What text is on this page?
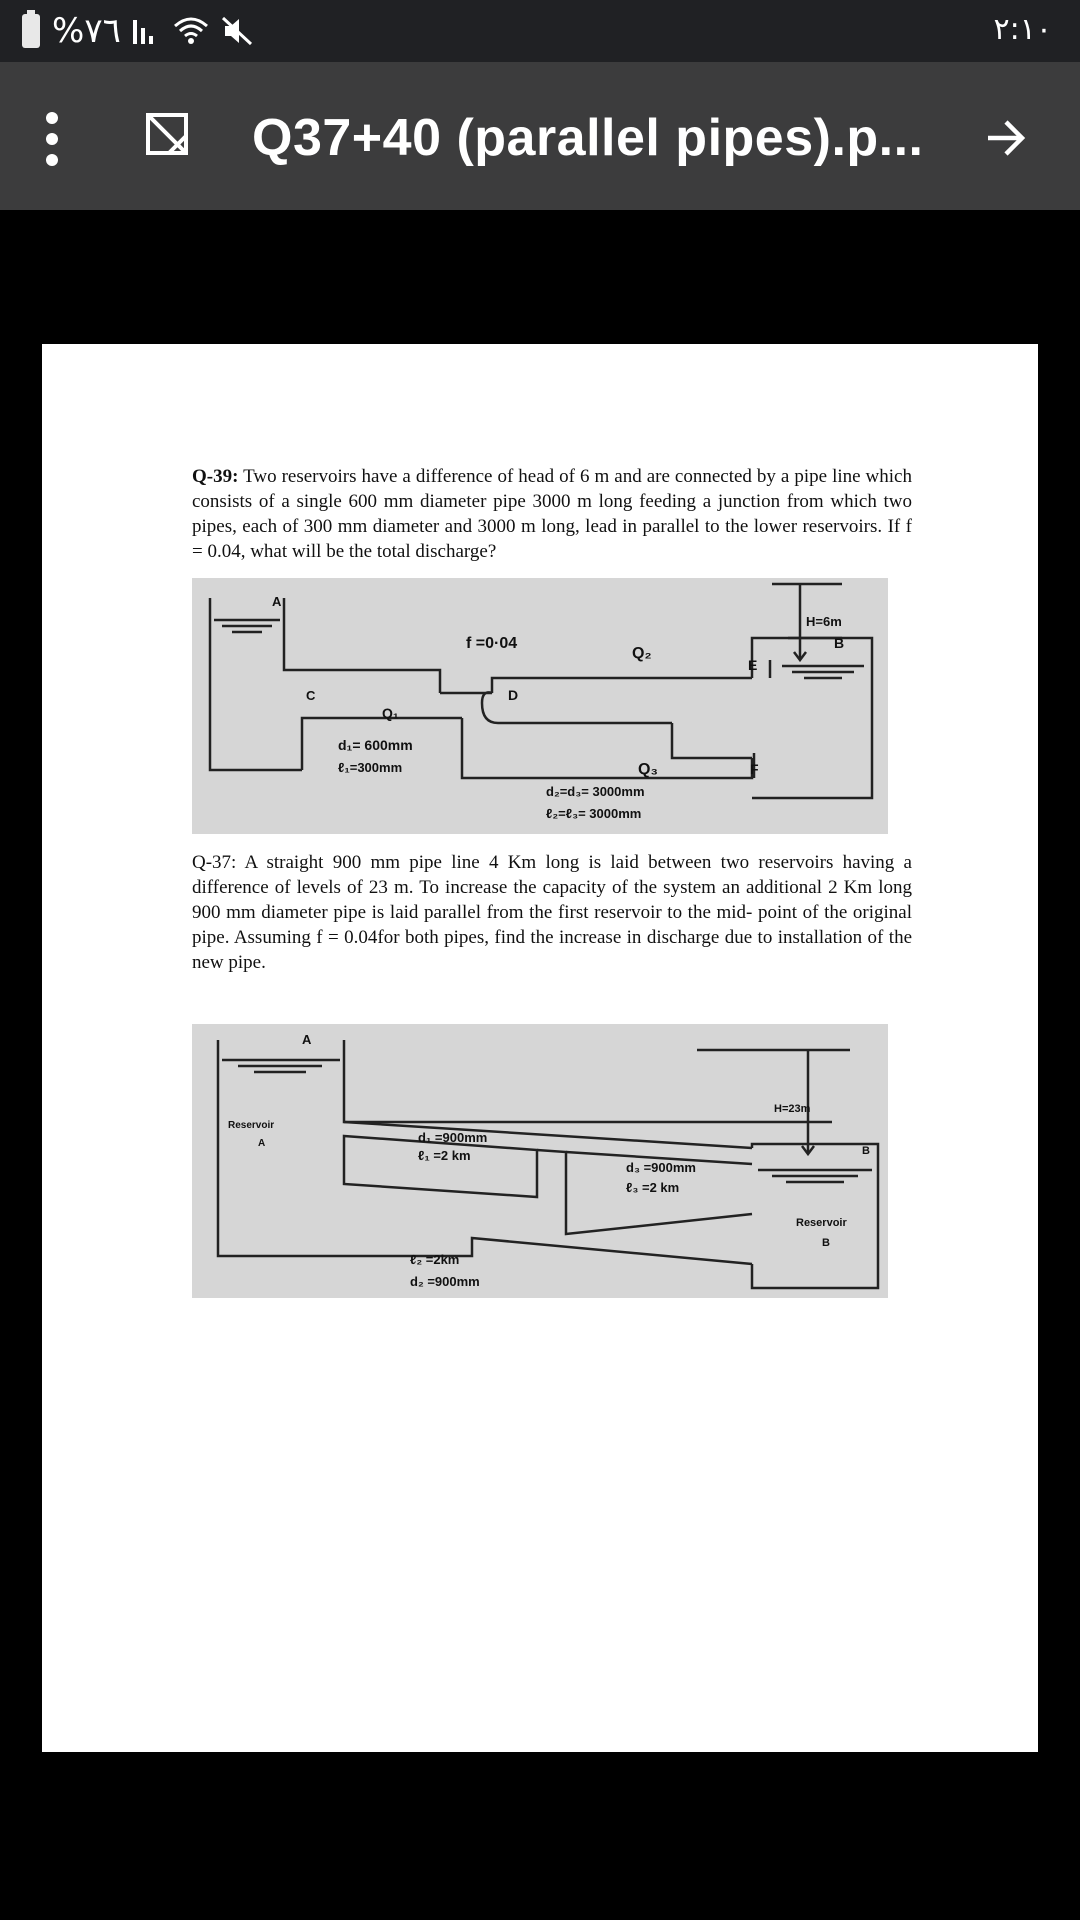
%٧٦	٢:١٠
Q37+40 (parallel pipes).p...
Q-39: Two reservoirs have a difference of head of 6 m and are connected by a pipe line which consists of a single 600 mm diameter pipe 3000 m long feeding a junction from which two pipes, each of 300 mm diameter and 3000 m long, lead in parallel to the lower reservoirs. If f = 0.04, what will be the total discharge?
A
C	D
E
F
B
H=6m
f =0·04
Q₂
Q₁
d₁= 600mm
ℓ₁=300mm	Q₃
d₂=d₃= 3000mm
ℓ₂=ℓ₃= 3000mm
Q-37: A straight 900 mm pipe line 4 Km long is laid between two reservoirs having a difference of levels of 23 m. To increase the capacity of the system an additional 2 Km long 900 mm diameter pipe is laid parallel from the first reservoir to the mid- point of the original pipe. Assuming f = 0.04for both pipes, find the increase in discharge due to installation of the new pipe.
A
Reservoir
A
H=23m
B
Reservoir
B
d₁ =900mm
ℓ₁ =2 km
d₃ =900mm
ℓ₃ =2 km
ℓ₂ =2km
d₂ =900mm
